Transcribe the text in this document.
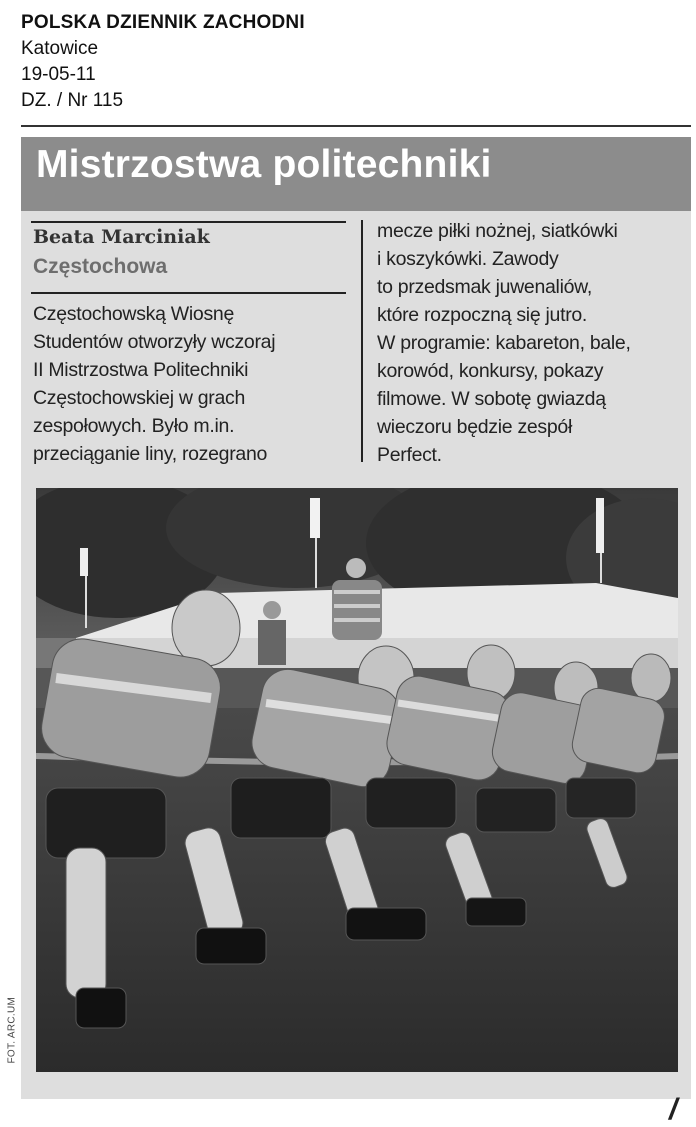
POLSKA DZIENNIK ZACHODNI
Katowice
19-05-11
DZ. / Nr 115
Mistrzostwa politechniki
Beata Marciniak
Częstochowa
Częstochowską Wiosnę
Studentów otworzyły wczoraj
II Mistrzostwa Politechniki
Częstochowskiej w grach
zespołowych. Było m.in.
przeciąganie liny, rozegrano
mecze piłki nożnej, siatkówki
i koszykówki. Zawody
to przedsmak juwenaliów,
które rozpoczną się jutro.
W programie: kabareton, bale,
korowód, konkursy, pokazy
filmowe. W sobotę gwiazdą
wieczoru będzie zespół
Perfect.
FOT. ARC.UM
/
